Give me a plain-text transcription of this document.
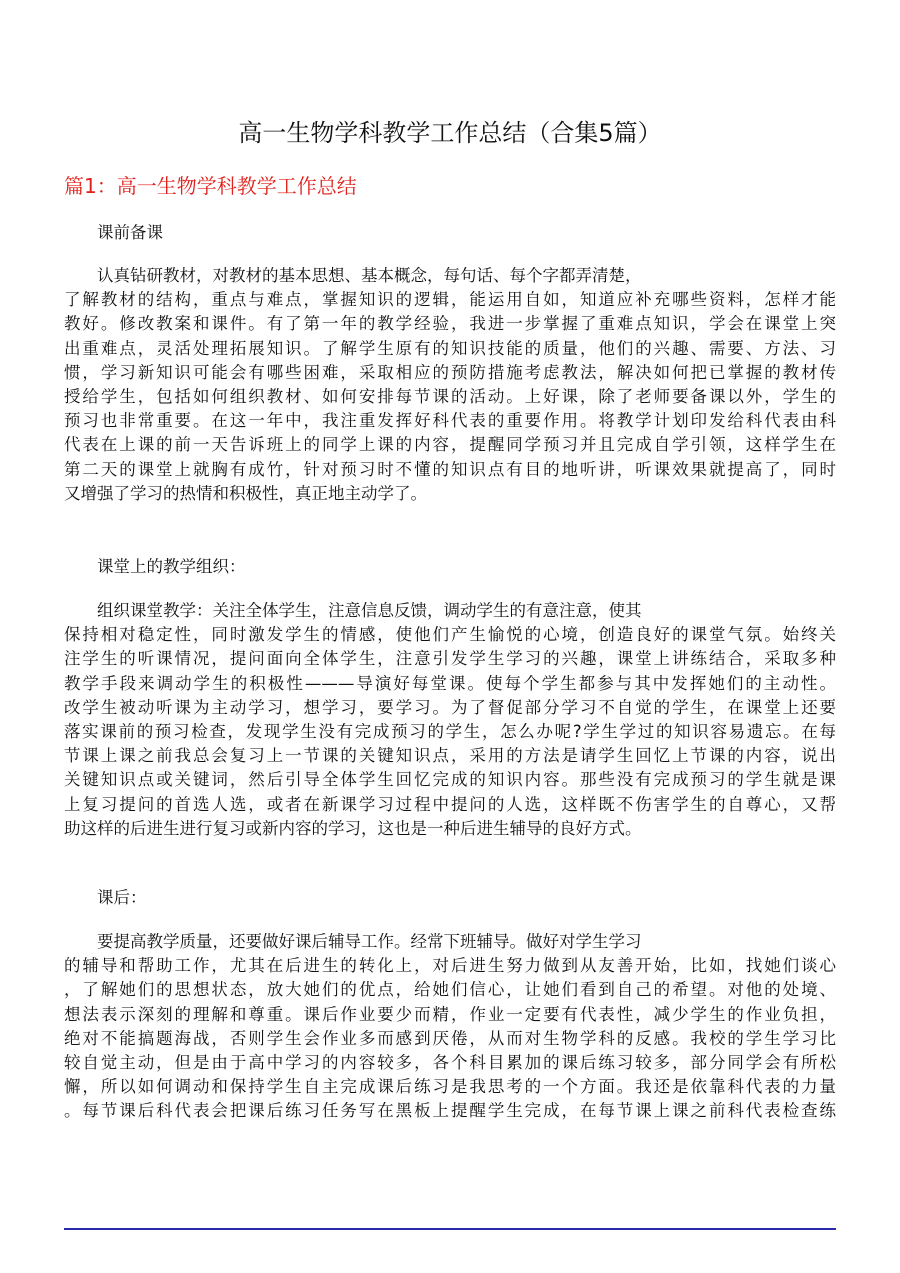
高一生物学科教学工作总结（合集5篇）
篇1：高一生物学科教学工作总结
课前备课
认真钻研教材，对教材的基本思想、基本概念，每句话、每个字都弄清楚，
了解教材的结构，重点与难点，掌握知识的逻辑，能运用自如，知道应补充哪些资料，怎样才能
教好。修改教案和课件。有了第一年的教学经验，我进一步掌握了重难点知识，学会在课堂上突
出重难点，灵活处理拓展知识。了解学生原有的知识技能的质量，他们的兴趣、需要、方法、习
惯，学习新知识可能会有哪些困难，采取相应的预防措施考虑教法，解决如何把已掌握的教材传
授给学生，包括如何组织教材、如何安排每节课的活动。上好课，除了老师要备课以外，学生的
预习也非常重要。在这一年中，我注重发挥好科代表的重要作用。将教学计划印发给科代表由科
代表在上课的前一天告诉班上的同学上课的内容，提醒同学预习并且完成自学引领，这样学生在
第二天的课堂上就胸有成竹，针对预习时不懂的知识点有目的地听讲，听课效果就提高了，同时
又增强了学习的热情和积极性，真正地主动学了。
课堂上的教学组织：
组织课堂教学：关注全体学生，注意信息反馈，调动学生的有意注意，使其
保持相对稳定性，同时激发学生的情感，使他们产生愉悦的心境，创造良好的课堂气氛。始终关
注学生的听课情况，提问面向全体学生，注意引发学生学习的兴趣，课堂上讲练结合，采取多种
教学手段来调动学生的积极性———导演好每堂课。使每个学生都参与其中发挥她们的主动性。
改学生被动听课为主动学习，想学习，要学习。为了督促部分学习不自觉的学生，在课堂上还要
落实课前的预习检查，发现学生没有完成预习的学生，怎么办呢?学生学过的知识容易遗忘。在每
节课上课之前我总会复习上一节课的关键知识点，采用的方法是请学生回忆上节课的内容，说出
关键知识点或关键词，然后引导全体学生回忆完成的知识内容。那些没有完成预习的学生就是课
上复习提问的首选人选，或者在新课学习过程中提问的人选，这样既不伤害学生的自尊心，又帮
助这样的后进生进行复习或新内容的学习，这也是一种后进生辅导的良好方式。
课后：
要提高教学质量，还要做好课后辅导工作。经常下班辅导。做好对学生学习
的辅导和帮助工作，尤其在后进生的转化上，对后进生努力做到从友善开始，比如，找她们谈心
，了解她们的思想状态，放大她们的优点，给她们信心，让她们看到自己的希望。对他的处境、
想法表示深刻的理解和尊重。课后作业要少而精，作业一定要有代表性，减少学生的作业负担，
绝对不能搞题海战，否则学生会作业多而感到厌倦，从而对生物学科的反感。我校的学生学习比
较自觉主动，但是由于高中学习的内容较多，各个科目累加的课后练习较多，部分同学会有所松
懈，所以如何调动和保持学生自主完成课后练习是我思考的一个方面。我还是依靠科代表的力量
。每节课后科代表会把课后练习任务写在黑板上提醒学生完成，在每节课上课之前科代表检查练
